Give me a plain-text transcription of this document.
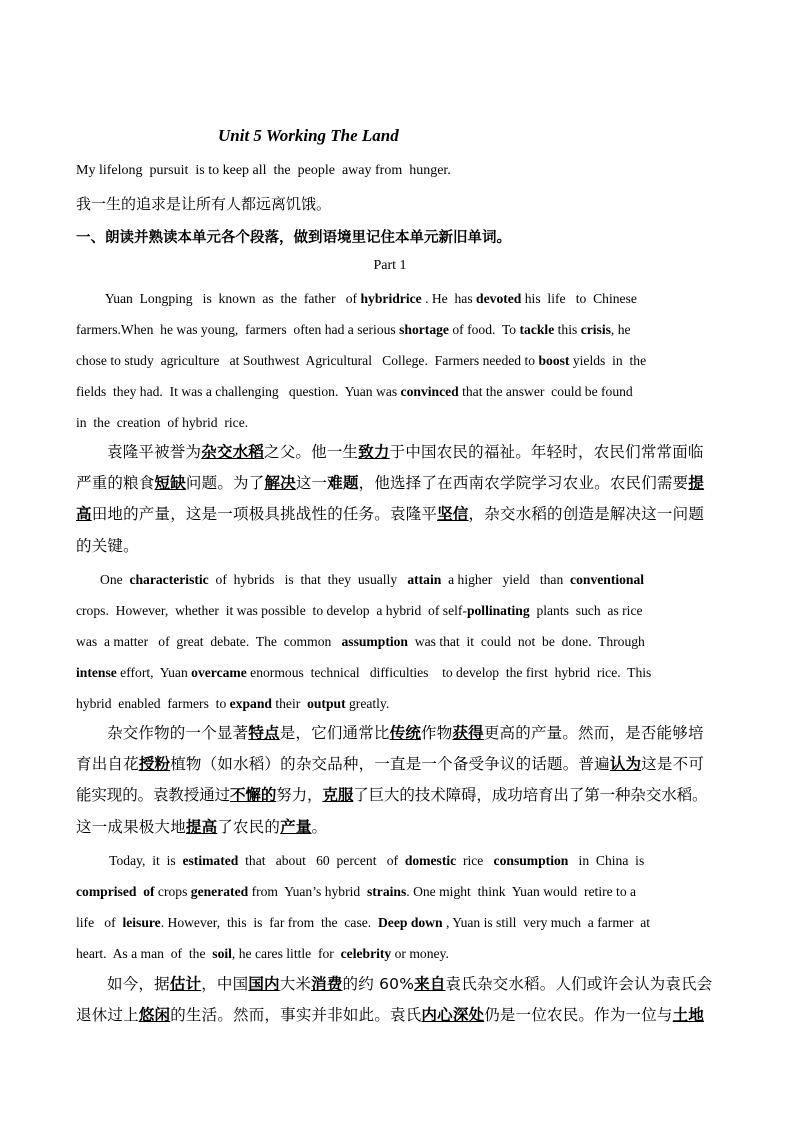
Unit 5 Working The Land
My lifelong  pursuit  is to keep all  the  people  away from  hunger.
我一生的追求是让所有人都远离饥饿。
一、朗读并熟读本单元各个段落，做到语境里记住本单元新旧单词。
Part 1
Yuan  Longping   is  known  as  the  father   of hybridrice . He  has devoted his  life   to  Chinese
farmers.When  he was young,  farmers  often had a serious shortage of food.  To tackle this crisis, he
chose to study  agriculture   at Southwest  Agricultural   College.  Farmers needed to boost yields  in  the
fields  they had.  It was a challenging   question.  Yuan was convinced that the answer  could be found
in  the  creation  of hybrid  rice.
袁隆平被誉为杂交水稻之父。他一生致力于中国农民的福祉。年轻时，农民们常常面临
严重的粮食短缺问题。为了解决这一难题，他选择了在西南农学院学习农业。农民们需要提
高田地的产量，这是一项极具挑战性的任务。袁隆平坚信，杂交水稻的创造是解决这一问题
的关键。
One  characteristic  of  hybrids   is  that  they  usually   attain  a higher   yield   than  conventional
crops.  However,  whether  it was possible  to develop  a hybrid  of self-pollinating  plants  such  as rice
was  a matter   of  great  debate.  The  common   assumption  was that  it  could  not  be  done.  Through
intense effort,  Yuan overcame enormous  technical   difficulties    to develop  the first  hybrid  rice.  This
hybrid  enabled  farmers  to expand their  output greatly.
杂交作物的一个显著特点是，它们通常比传统作物获得更高的产量。然而，是否能够培
育出自花授粉植物（如水稻）的杂交品种，一直是一个备受争议的话题。普遍认为这是不可
能实现的。袁教授通过不懈的努力，克服了巨大的技术障碍，成功培育出了第一种杂交水稻。
这一成果极大地提高了农民的产量。
Today,  it  is  estimated  that   about   60  percent   of  domestic  rice   consumption   in  China  is
comprised  of crops generated from  Yuan’s hybrid  strains. One might  think  Yuan would  retire to a
life   of  leisure. However,  this  is  far from  the  case.  Deep down , Yuan is still  very much  a farmer  at
heart.  As a man  of  the  soil, he cares little  for  celebrity or money.
如今，据估计，中国国内大米消费的约 60%来自袁氏杂交水稻。人们或许会认为袁氏会
退休过上悠闲的生活。然而，事实并非如此。袁氏内心深处仍是一位农民。作为一位与土地
